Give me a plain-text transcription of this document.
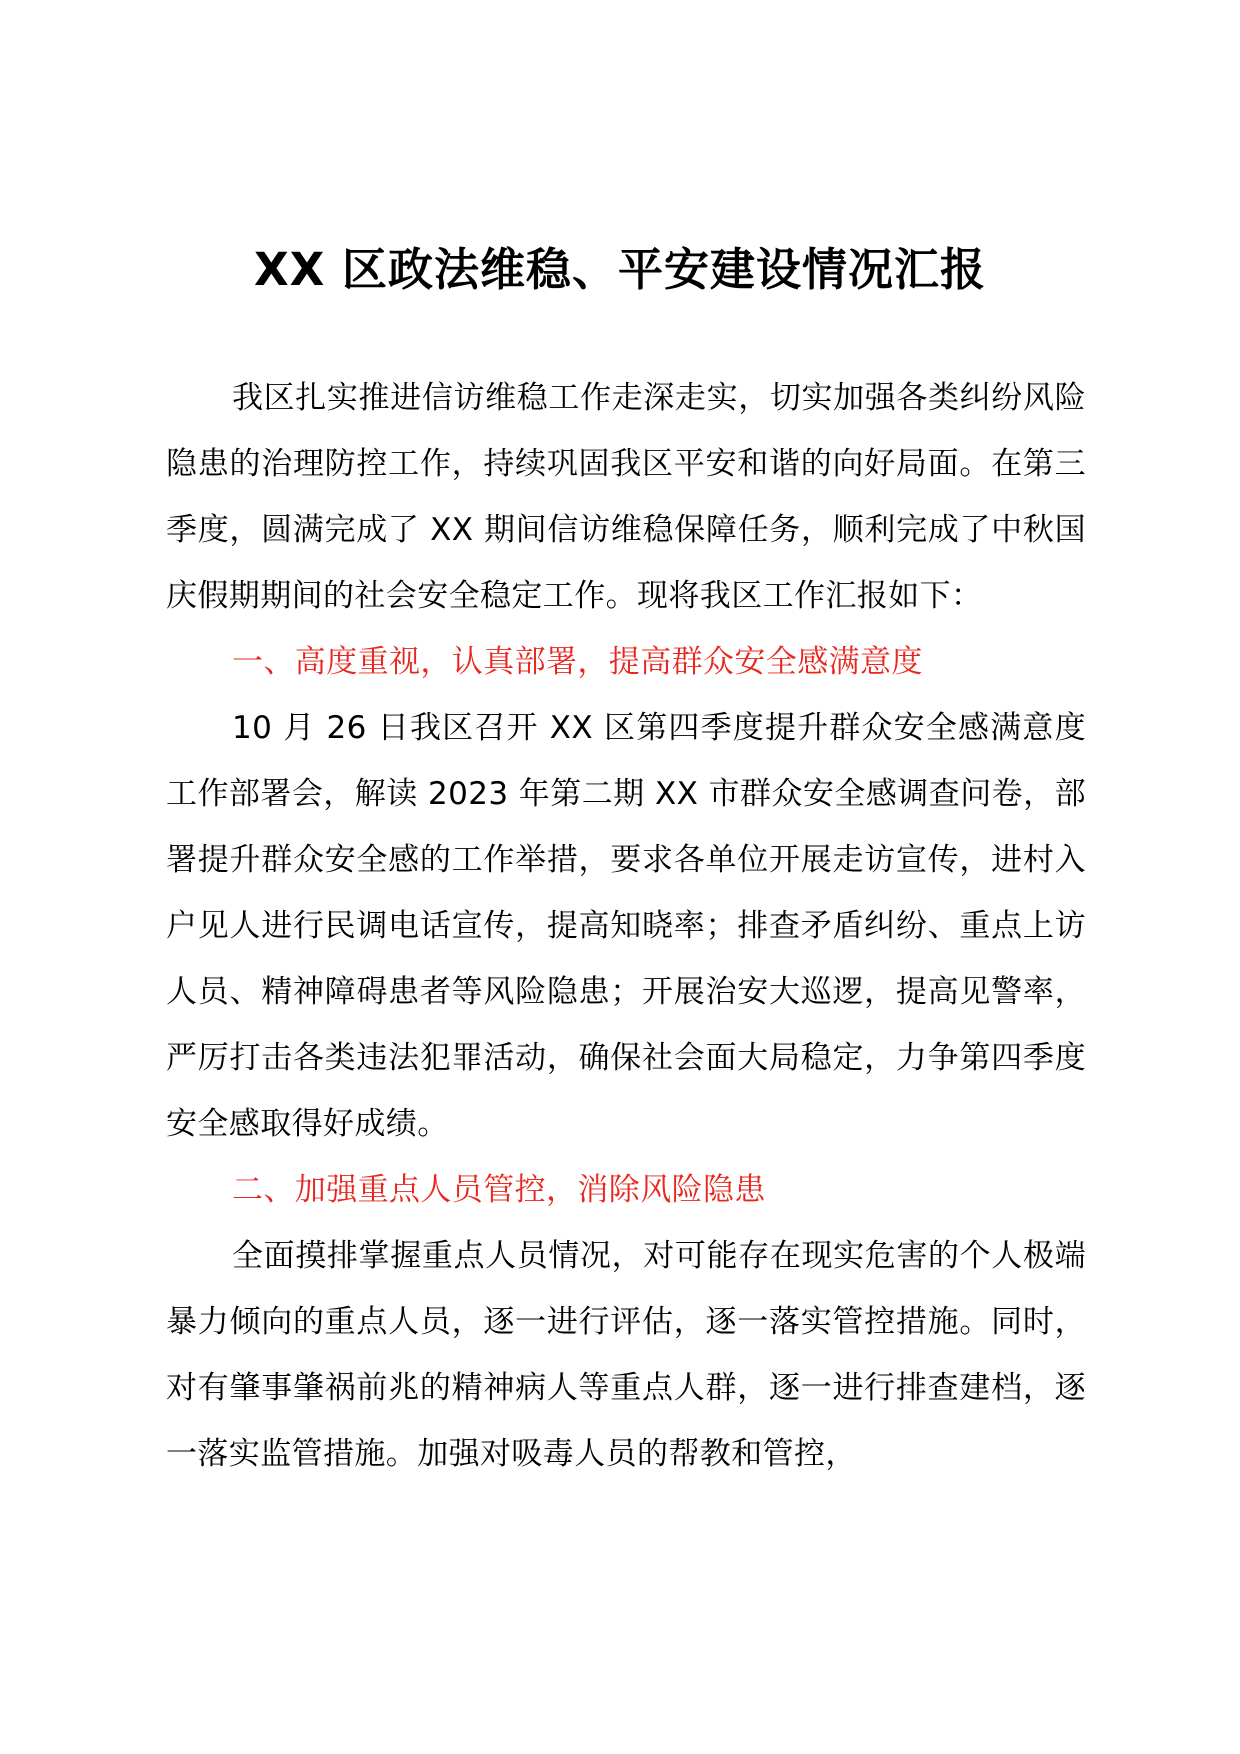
XX 区政法维稳、平安建设情况汇报

我区扎实推进信访维稳工作走深走实，切实加强各类纠纷风险隐患的治理防控工作，持续巩固我区平安和谐的向好局面。在第三季度，圆满完成了 XX 期间信访维稳保障任务，顺利完成了中秋国庆假期期间的社会安全稳定工作。现将我区工作汇报如下：

一、高度重视，认真部署，提高群众安全感满意度

10 月 26 日我区召开 XX 区第四季度提升群众安全感满意度工作部署会，解读 2023 年第二期 XX 市群众安全感调查问卷，部署提升群众安全感的工作举措，要求各单位开展走访宣传，进村入户见人进行民调电话宣传，提高知晓率；排查矛盾纠纷、重点上访人员、精神障碍患者等风险隐患；开展治安大巡逻，提高见警率，严厉打击各类违法犯罪活动，确保社会面大局稳定，力争第四季度安全感取得好成绩。

二、加强重点人员管控，消除风险隐患

全面摸排掌握重点人员情况，对可能存在现实危害的个人极端暴力倾向的重点人员，逐一进行评估，逐一落实管控措施。同时，对有肇事肇祸前兆的精神病人等重点人群，逐一进行排查建档，逐一落实监管措施。加强对吸毒人员的帮教和管控，
